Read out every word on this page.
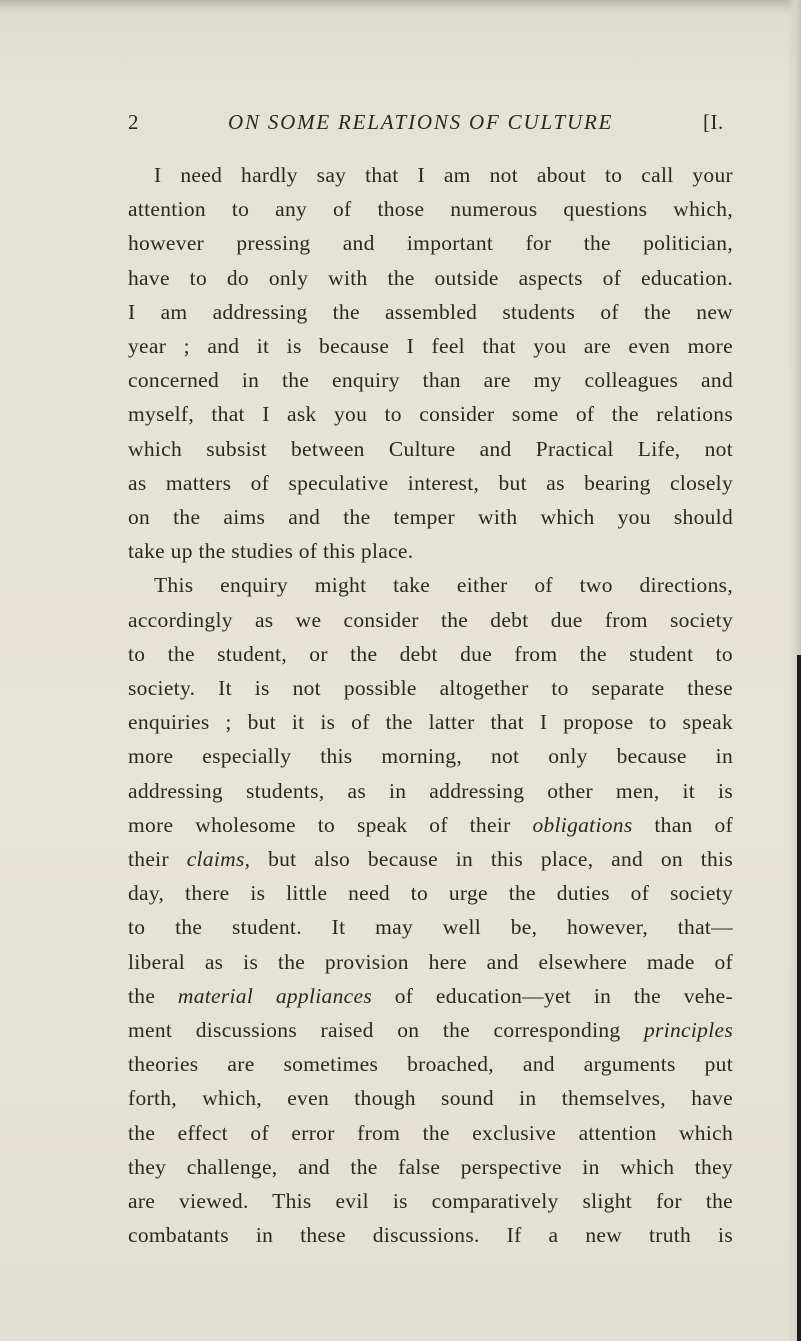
2	ON SOME RELATIONS OF CULTURE	[I.
I need hardly say that I am not about to call your
attention to any of those numerous questions which,
however pressing and important for the politician,
have to do only with the outside aspects of education.
I am addressing the assembled students of the new
year ; and it is because I feel that you are even more
concerned in the enquiry than are my colleagues and
myself, that I ask you to consider some of the relations
which subsist between Culture and Practical Life, not
as matters of speculative interest, but as bearing closely
on the aims and the temper with which you should
take up the studies of this place.
This enquiry might take either of two directions,
accordingly as we consider the debt due from society
to the student, or the debt due from the student to
society. It is not possible altogether to separate these
enquiries ; but it is of the latter that I propose to speak
more especially this morning, not only because in
addressing students, as in addressing other men, it is
more wholesome to speak of their obligations than of
their claims, but also because in this place, and on this
day, there is little need to urge the duties of society
to the student. It may well be, however, that—
liberal as is the provision here and elsewhere made of
the material appliances of education—yet in the vehe-
ment discussions raised on the corresponding principles
theories are sometimes broached, and arguments put
forth, which, even though sound in themselves, have
the effect of error from the exclusive attention which
they challenge, and the false perspective in which they
are viewed. This evil is comparatively slight for the
combatants in these discussions. If a new truth is
